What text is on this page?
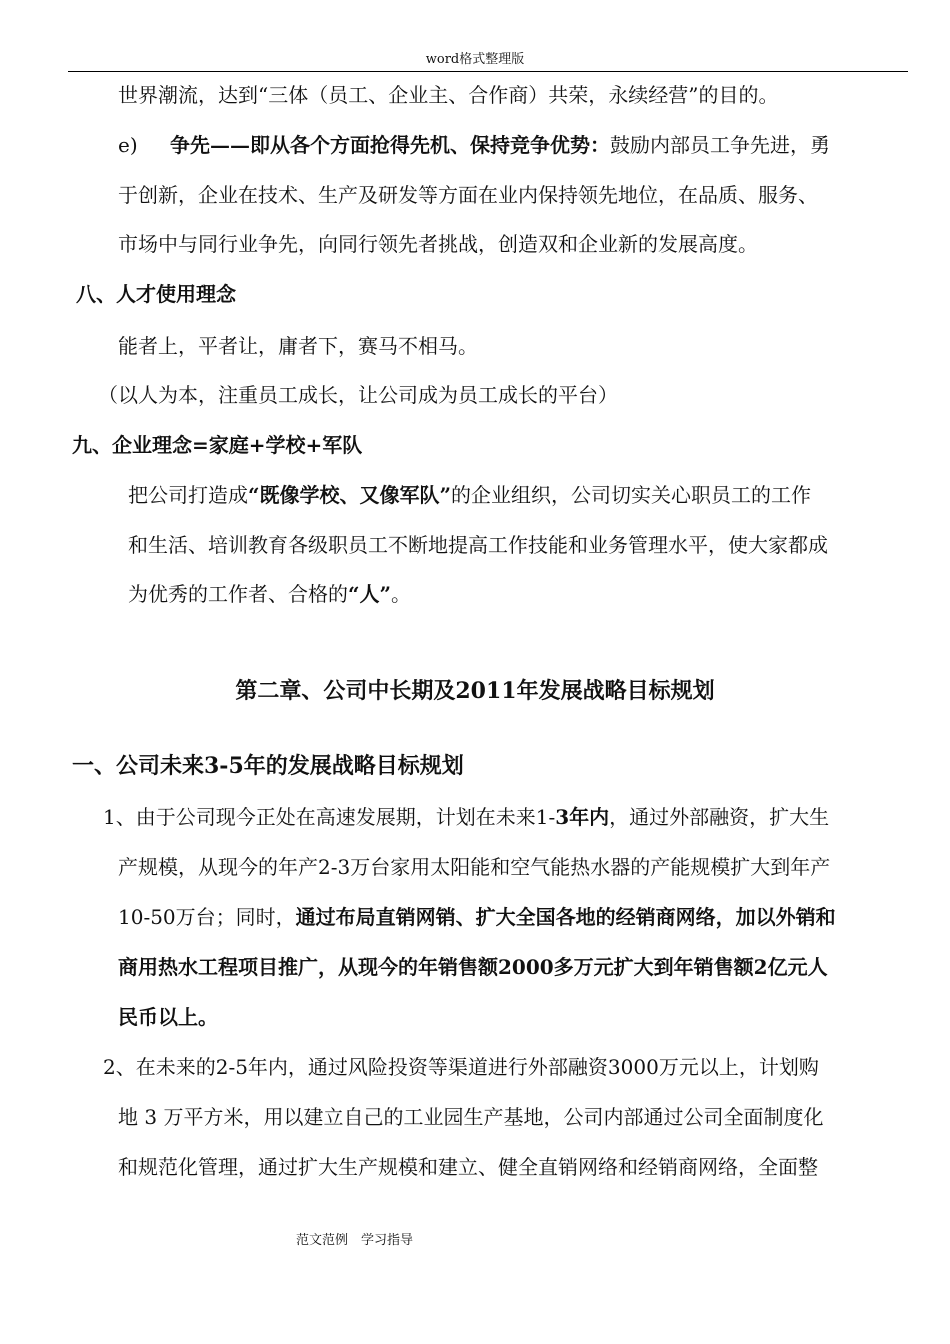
word格式整理版
世界潮流，达到“三体（员工、企业主、合作商）共荣，永续经营”的目的。
e) 争先——即从各个方面抢得先机、保持竞争优势：鼓励内部员工争先进，勇
于创新，企业在技术、生产及研发等方面在业内保持领先地位，在品质、服务、
市场中与同行业争先，向同行领先者挑战，创造双和企业新的发展高度。
八、人才使用理念
能者上，平者让，庸者下，赛马不相马。
（以人为本，注重员工成长，让公司成为员工成长的平台）
九、企业理念=家庭+学校+军队
把公司打造成“既像学校、又像军队”的企业组织，公司切实关心职员工的工作
和生活、培训教育各级职员工不断地提高工作技能和业务管理水平，使大家都成
为优秀的工作者、合格的“人”。
第二章、公司中长期及2011年发展战略目标规划
一、公司未来3-5年的发展战略目标规划
1、由于公司现今正处在高速发展期，计划在未来1-3年内，通过外部融资，扩大生
产规模，从现今的年产2-3万台家用太阳能和空气能热水器的产能规模扩大到年产
10-50万台；同时，通过布局直销网销、扩大全国各地的经销商网络，加以外销和
商用热水工程项目推广，从现今的年销售额2000多万元扩大到年销售额2亿元人
民币以上。
2、在未来的2-5年内，通过风险投资等渠道进行外部融资3000万元以上，计划购
地 3 万平方米，用以建立自己的工业园生产基地，公司内部通过公司全面制度化
和规范化管理，通过扩大生产规模和建立、健全直销网络和经销商网络，全面整
范文范例　学习指导
